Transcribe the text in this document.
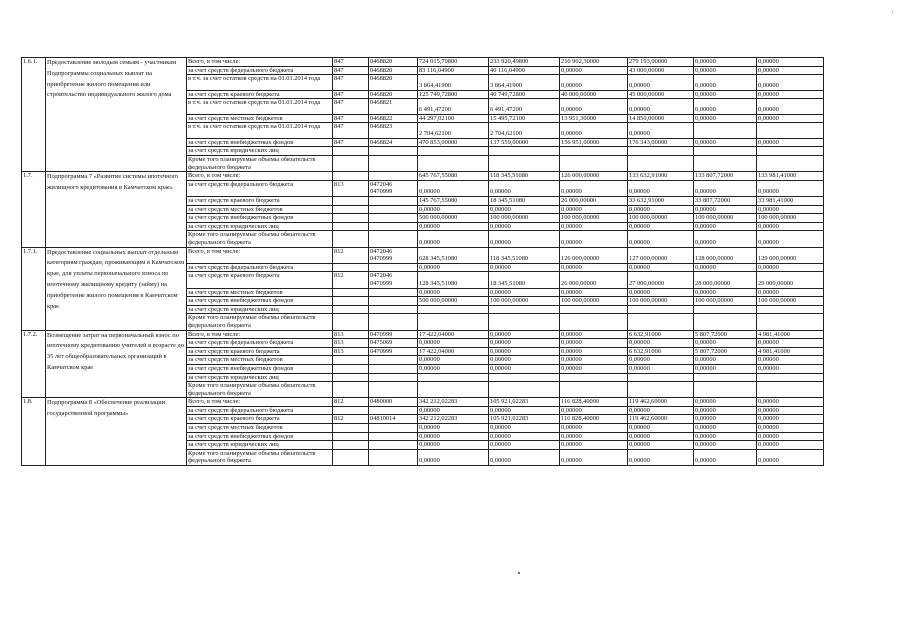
1.6.1.	Предоставление молодым семьям - участникам Подпрограммы социальных выплат на приобретение жилого помещения или строительство индивидуального жилого дома	Всего, в том числе:	847	0468820	724 015,79800	233 920,49800	210 902,30000	279 193,00000	0,00000	0,00000
		за счет средств федерального бюджета	847	0468820	83 116,04900	40 116,04900	0,00000	43 000,00000	0,00000	0,00000
		в т.ч. за счет остатков средств на 01.01.2014 года	847	0468820	3 864,41900	3 864,41900	0,00000	0,00000	0,00000	0,00000
		за счет средств краевого бюджета	847	0468820	125 749,72800	40 749,72800	40 000,00000	45 000,00000	0,00000	0,00000
		в т.ч. за счет остатков средств на 01.01.2014 года	847	0468821	6 491,47200	6 491,47200	0,00000	0,00000	0,00000	0,00000
		за счет средств местных бюджетов	847	0468822	44 297,02100	15 495,72100	13 951,30000	14 850,00000	0,00000	0,00000
		в т.ч. за счет остатков средств на 01.01.2014 года	847	0468823	2 704,62100	2 704,62100	0,00000	0,00000		
		за счет средств внебюджетных фондов	847	0468824	470 853,00000	137 559,00000	156 951,00000	176 343,00000	0,00000	0,00000
		за счет средств юридических лиц								
		Кроме того планируемые объемы обязательств федерального бюджета								
1.7.	Подпрограмма 7 «Развитие системы ипотечного жилищного кредитования в Камчатском крае»	Всего, в том числе:			645 767,55080	118 345,51080	126 000,00000	133 632,91000	133 807,72000	133 981,41000
		за счет средств федерального бюджета	813	0472046 0470999	0,00000	0,00000	0,00000	0,00000	0,00000	0,00000
		за счет средств краевого бюджета			145 767,55080	18 345,51080	26 000,00000	33 632,91000	33 807,72000	33 981,41000
		за счет средств местных бюджетов			0,00000	0,00000	0,00000	0,00000	0,00000	0,00000
		за счет средств внебюджетных фондов			500 000,00000	100 000,00000	100 000,00000	100 000,00000	100 000,00000	100 000,00000
		за счет средств юридических лиц			0,00000	0,00000	0,00000	0,00000	0,00000	0,00000
		Кроме того планируемые объемы обязательств федерального бюджета			0,00000	0,00000	0,00000	0,00000	0,00000	0,00000
1.7.1.	Предоставление социальных выплат отдельным категориям граждан, проживающим в Камчатском крае, для уплаты первоначального взноса по ипотечному жилищному кредиту (займу) на приобретение жилого помещения в Камчатском крае	Всего, в том числе:	812	0472046 0470999	628 345,51080	118 345,51080	126 000,00000	127 000,00000	128 000,00000	129 000,00000
		за счет средств федерального бюджета			0,00000	0,00000	0,00000	0,00000	0,00000	0,00000
		за счет средств краевого бюджета	812	0472046 0470999	128 345,51080	18 345,51080	26 000,00000	27 000,00000	28 000,00000	29 000,00000
		за счет средств местных бюджетов			0,00000	0,00000	0,00000	0,00000	0,00000	0,00000
		за счет средств внебюджетных фондов			500 000,00000	100 000,00000	100 000,00000	100 000,00000	100 000,00000	100 000,00000
		за счет средств юридических лиц								
		Кроме того планируемые объемы обязательств федерального бюджета								
1.7.2.	Возмещение затрат на первоначальный взнос по ипотечному кредитованию учителей в возрасте до 35 лет общеобразовательных организаций в Камчатском крае	Всего, в том числе:	813	0470999	17 422,04000	0,00000	0,00000	6 632,91000	5 807,72000	4 981,41000
		за счет средств федерального бюджета	813	0475069	0,00000	0,00000	0,00000	0,00000	0,00000	0,00000
		за счет средств краевого бюджета	813	0470999	17 422,04000	0,00000	0,00000	6 632,91000	5 807,72000	4 981,41000
		за счет средств местных бюджетов			0,00000	0,00000	0,00000	0,00000	0,00000	0,00000
		за счет средств внебюджетных фондов			0,00000	0,00000	0,00000	0,00000	0,00000	0,00000
		за счет средств юридических лиц								
		Кроме того планируемые объемы обязательств федерального бюджета								
1.8.	Подпрограмма 8 «Обеспечение реализации государственной программы»	Всего, в том числе:	812	0480000	342 212,02283	105 921,02283	116 828,40000	119 462,60000	0,00000	0,00000
		за счет средств федерального бюджета			0,00000	0,00000	0,00000	0,00000	0,00000	0,00000
		за счет средств краевого бюджета	812	04810014	342 212,02283	105 921,02283	116 828,40000	119 462,60000	0,00000	0,00000
		за счет средств местных бюджетов			0,00000	0,00000	0,00000	0,00000	0,00000	0,00000
		за счет средств внебюджетных фондов			0,00000	0,00000	0,00000	0,00000	0,00000	0,00000
		за счет средств юридических лиц			0,00000	0,00000	0,00000	0,00000	0,00000	0,00000
		Кроме того планируемые объемы обязательств федерального бюджета			0,00000	0,00000	0,00000	0,00000	0,00000	0,00000
